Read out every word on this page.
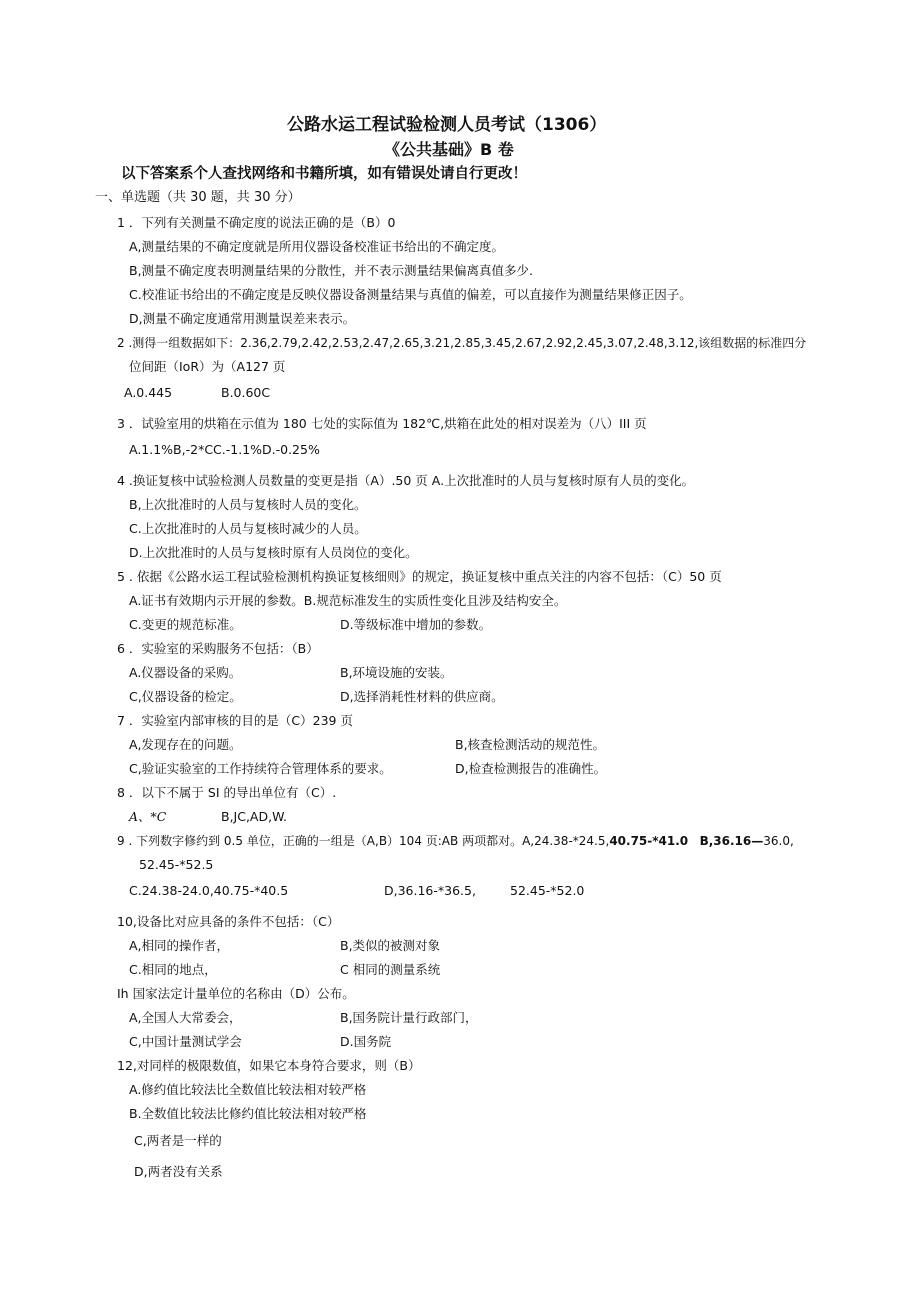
公路水运工程试验检测人员考试（1306）
《公共基础》B 卷
以下答案系个人查找网络和书籍所填，如有错误处请自行更改！
一、单选题（共 30 题，共 30 分）
1 ．下列有关测量不确定度的说法正确的是（B）0
A,测量结果的不确定度就是所用仪器设备校准证书给出的不确定度。
B,测量不确定度表明测量结果的分散性，并不表示测量结果偏离真值多少.
C.校准证书给出的不确定度是反映仪器设备测量结果与真值的偏差，可以直接作为测量结果修正因子。
D,测量不确定度通常用测量误差来表示。
2 .测得一组数据如下：2.36,2.79,2.42,2.53,2.47,2.65,3.21,2.85,3.45,2.67,2.92,2.45,3.07,2.48,3.12,该组数据的标准四分
位间距（IoR）为（A127 页
A.0.445	B.0.60C
3 ．试验室用的烘箱在示值为 180 七处的实际值为 182℃,烘箱在此处的相对误差为（八）III 页
A.1.1%B,-2*CC.-1.1%D.-0.25%
4 .换证复核中试验检测人员数量的变更是指（A）.50 页 A.上次批准时的人员与复核时原有人员的变化。
B,上次批准时的人员与复核时人员的变化。
C.上次批准时的人员与复核时减少的人员。
D.上次批准时的人员与复核时原有人员岗位的变化。
5 . 依据《公路水运工程试验检测机构换证复核细则》的规定，换证复核中重点关注的内容不包括：（C）50 页
A.证书有效期内示开展的参数。B.规范标准发生的实质性变化且涉及结构安全。
C.变更的规范标准。	D.等级标准中增加的参数。
6 ．实验室的采购服务不包括：（B）
A.仪器设备的采购。	B,环境设施的安装。
C,仪器设备的检定。	D,选择消耗性材料的供应商。
7 ．实验室内部审核的目的是（C）239 页
A,发现存在的问题。	B,核查检测活动的规范性。
C,验证实验室的工作持续符合管理体系的要求。	D,检查检测报告的准确性。
8 ．以下不属于 SI 的导出单位有（C）.
A、*C	B,JC,AD,W.
9 . 下列数字修约到 0.5 单位，正确的一组是（A,B）104 页:AB 两项都对。A,24.38-*24.5,40.75-*41.0 B,36.16—36.0,
52.45-*52.5
C.24.38-24.0,40.75-*40.5	D,36.16-*36.5,	52.45-*52.0
10,设备比对应具备的条件不包括：（C）
A,相同的操作者，	B,类似的被测对象
C.相同的地点，	C 相同的测量系统
Ih 国家法定计量单位的名称由（D）公布。
A,全国人大常委会，	B,国务院计量行政部门，
C,中国计量测试学会	D.国务院
12,对同样的极限数值，如果它本身符合要求，则（B）
A.修约值比较法比全数值比较法相对较严格
B.全数值比较法比修约值比较法相对较严格
C,两者是一样的
D,两者没有关系
